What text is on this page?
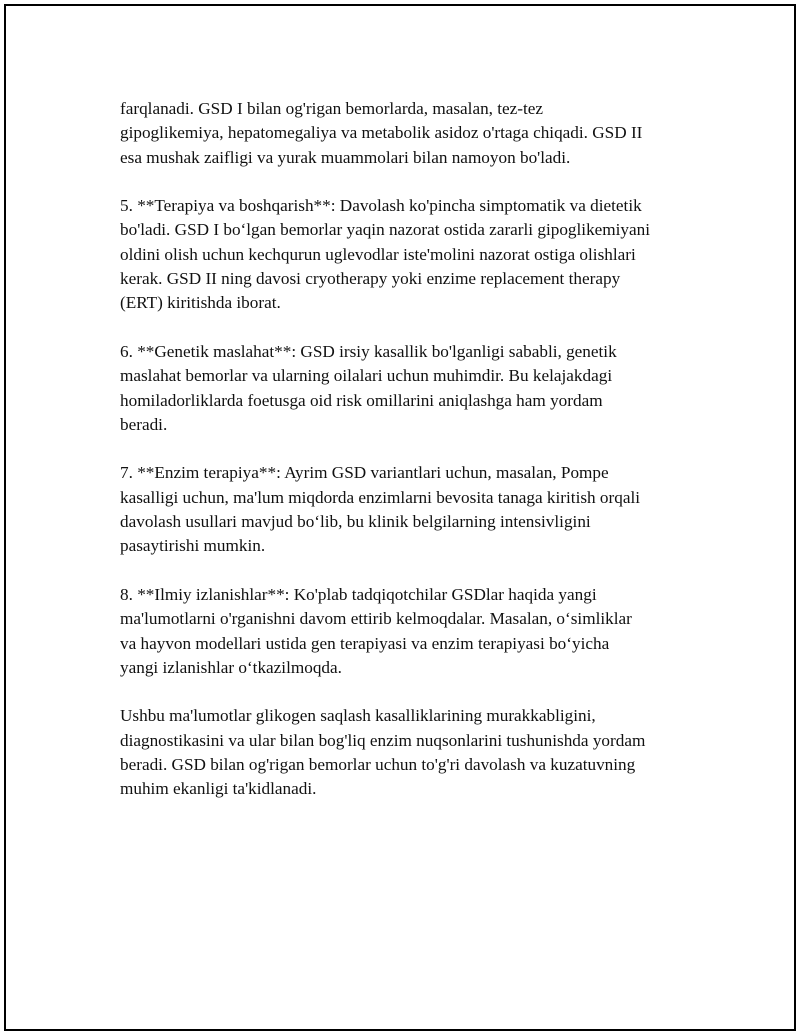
farqlanadi. GSD I bilan og'rigan bemorlarda, masalan, tez-tez
gipoglikemiya, hepatomegaliya va metabolik asidoz o'rtaga chiqadi. GSD II
esa mushak zaifligi va yurak muammolari bilan namoyon bo'ladi.

5. **Terapiya va boshqarish**: Davolash ko'pincha simptomatik va dietetik
bo'ladi. GSD I bo‘lgan bemorlar yaqin nazorat ostida zararli gipoglikemiyani
oldini olish uchun kechqurun uglevodlar iste'molini nazorat ostiga olishlari
kerak. GSD II ning davosi cryotherapy yoki enzime replacement therapy
(ERT) kiritishda iborat.

6. **Genetik maslahat**: GSD irsiy kasallik bo'lganligi sababli, genetik
maslahat bemorlar va ularning oilalari uchun muhimdir. Bu kelajakdagi
homiladorliklarda foetusga oid risk omillarini aniqlashga ham yordam
beradi.

7. **Enzim terapiya**: Ayrim GSD variantlari uchun, masalan, Pompe
kasalligi uchun, ma'lum miqdorda enzimlarni bevosita tanaga kiritish orqali
davolash usullari mavjud bo‘lib, bu klinik belgilarning intensivligini
pasaytirishi mumkin.

8. **Ilmiy izlanishlar**: Ko'plab tadqiqotchilar GSDlar haqida yangi
ma'lumotlarni o'rganishni davom ettirib kelmoqdalar. Masalan, o‘simliklar
va hayvon modellari ustida gen terapiyasi va enzim terapiyasi bo‘yicha
yangi izlanishlar o‘tkazilmoqda.

Ushbu ma'lumotlar glikogen saqlash kasalliklarining murakkabligini,
diagnostikasini va ular bilan bog'liq enzim nuqsonlarini tushunishda yordam
beradi. GSD bilan og'rigan bemorlar uchun to'g'ri davolash va kuzatuvning
muhim ekanligi ta'kidlanadi.
